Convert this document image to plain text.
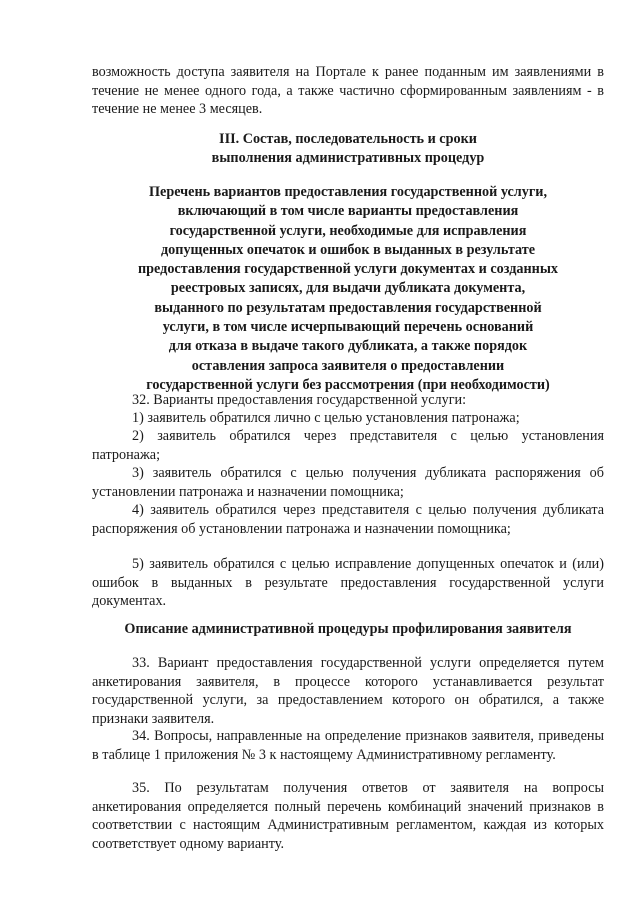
возможность доступа заявителя на Портале к ранее поданным им заявлениями в течение не менее одного года, а также частично сформированным заявлениям - в течение не менее 3 месяцев.

III. Состав, последовательность и сроки
выполнения административных процедур
Перечень вариантов предоставления государственной услуги,
включающий в том числе варианты предоставления
государственной услуги, необходимые для исправления
допущенных опечаток и ошибок в выданных в результате
предоставления государственной услуги документах и созданных
реестровых записях, для выдачи дубликата документа,
выданного по результатам предоставления государственной
услуги, в том числе исчерпывающий перечень оснований
для отказа в выдаче такого дубликата, а также порядок
оставления запроса заявителя о предоставлении
государственной услуги без рассмотрения (при необходимости)

32. Варианты предоставления государственной услуги:

1) заявитель обратился лично с целью установления патронажа;

2) заявитель обратился через представителя с целью установления патронажа;

3) заявитель обратился с целью получения дубликата распоряжения об установлении патронажа и назначении помощника;

4) заявитель обратился через представителя с целью получения дубликата распоряжения об установлении патронажа и назначении помощника;

5) заявитель обратился с целью исправление допущенных опечаток и (или) ошибок в выданных в результате предоставления государственной услуги документах.

Описание административной процедуры профилирования заявителя

33. Вариант предоставления государственной услуги определяется путем анкетирования заявителя, в процессе которого устанавливается результат государственной услуги, за предоставлением которого он обратился, а также признаки заявителя.

34. Вопросы, направленные на определение признаков заявителя, приведены в таблице 1 приложения № 3 к настоящему Административному регламенту.

35. По результатам получения ответов от заявителя на вопросы анкетирования определяется полный перечень комбинаций значений признаков в соответствии с настоящим Административным регламентом, каждая из которых соответствует одному варианту.
